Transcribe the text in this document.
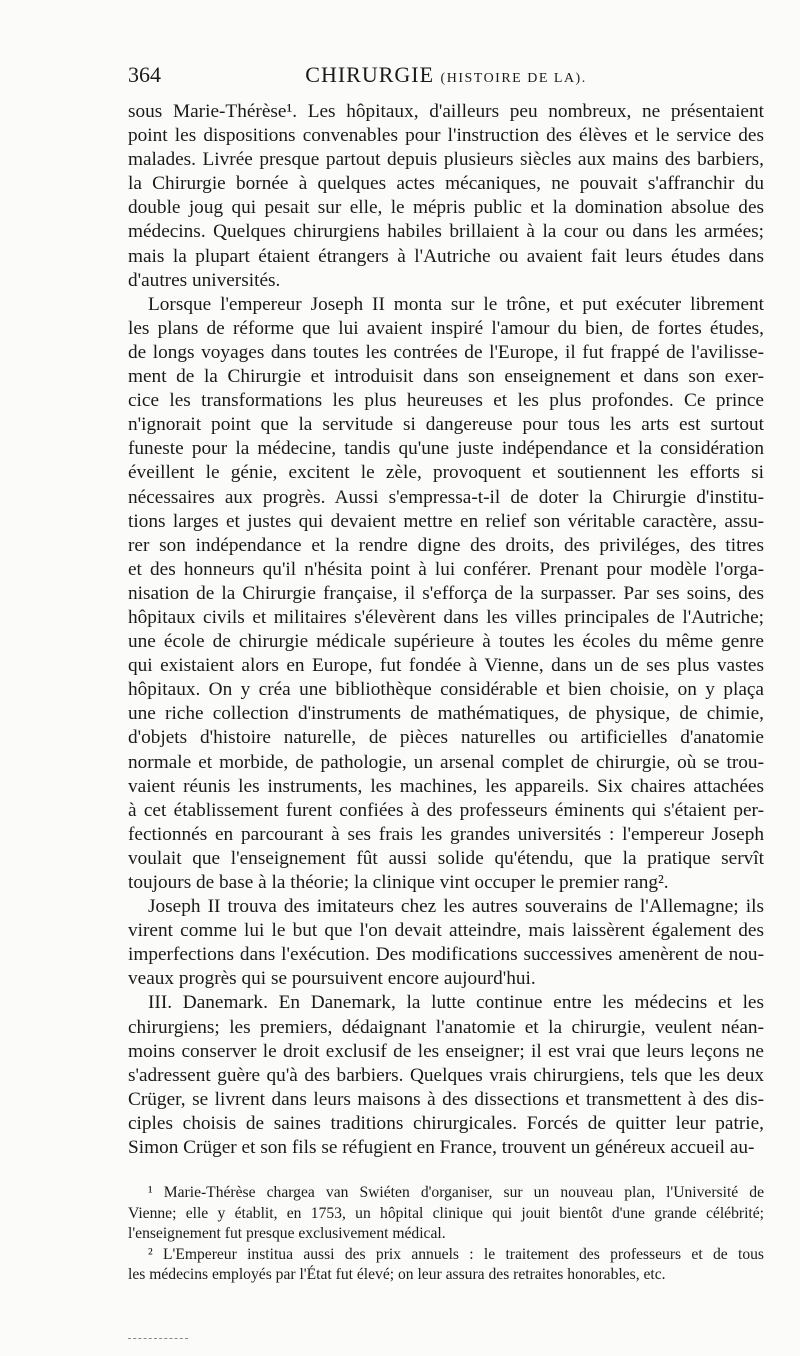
364	CHIRURGIE (HISTOIRE DE LA).
sous Marie-Thérèse¹. Les hôpitaux, d'ailleurs peu nombreux, ne présentaient
point les dispositions convenables pour l'instruction des élèves et le service des
malades. Livrée presque partout depuis plusieurs siècles aux mains des barbiers,
la Chirurgie bornée à quelques actes mécaniques, ne pouvait s'affranchir du
double joug qui pesait sur elle, le mépris public et la domination absolue des
médecins. Quelques chirurgiens habiles brillaient à la cour ou dans les armées;
mais la plupart étaient étrangers à l'Autriche ou avaient fait leurs études dans
d'autres universités.
Lorsque l'empereur Joseph II monta sur le trône, et put exécuter librement
les plans de réforme que lui avaient inspiré l'amour du bien, de fortes études,
de longs voyages dans toutes les contrées de l'Europe, il fut frappé de l'avilisse-
ment de la Chirurgie et introduisit dans son enseignement et dans son exer-
cice les transformations les plus heureuses et les plus profondes. Ce prince
n'ignorait point que la servitude si dangereuse pour tous les arts est surtout
funeste pour la médecine, tandis qu'une juste indépendance et la considération
éveillent le génie, excitent le zèle, provoquent et soutiennent les efforts si
nécessaires aux progrès. Aussi s'empressa-t-il de doter la Chirurgie d'institu-
tions larges et justes qui devaient mettre en relief son véritable caractère, assu-
rer son indépendance et la rendre digne des droits, des priviléges, des titres
et des honneurs qu'il n'hésita point à lui conférer. Prenant pour modèle l'orga-
nisation de la Chirurgie française, il s'efforça de la surpasser. Par ses soins, des
hôpitaux civils et militaires s'élevèrent dans les villes principales de l'Autriche;
une école de chirurgie médicale supérieure à toutes les écoles du même genre
qui existaient alors en Europe, fut fondée à Vienne, dans un de ses plus vastes
hôpitaux. On y créa une bibliothèque considérable et bien choisie, on y plaça
une riche collection d'instruments de mathématiques, de physique, de chimie,
d'objets d'histoire naturelle, de pièces naturelles ou artificielles d'anatomie
normale et morbide, de pathologie, un arsenal complet de chirurgie, où se trou-
vaient réunis les instruments, les machines, les appareils. Six chaires attachées
à cet établissement furent confiées à des professeurs éminents qui s'étaient per-
fectionnés en parcourant à ses frais les grandes universités : l'empereur Joseph
voulait que l'enseignement fût aussi solide qu'étendu, que la pratique servît
toujours de base à la théorie; la clinique vint occuper le premier rang².
Joseph II trouva des imitateurs chez les autres souverains de l'Allemagne; ils
virent comme lui le but que l'on devait atteindre, mais laissèrent également des
imperfections dans l'exécution. Des modifications successives amenèrent de nou-
veaux progrès qui se poursuivent encore aujourd'hui.
III. Danemark. En Danemark, la lutte continue entre les médecins et les
chirurgiens; les premiers, dédaignant l'anatomie et la chirurgie, veulent néan-
moins conserver le droit exclusif de les enseigner; il est vrai que leurs leçons ne
s'adressent guère qu'à des barbiers. Quelques vrais chirurgiens, tels que les deux
Crüger, se livrent dans leurs maisons à des dissections et transmettent à des dis-
ciples choisis de saines traditions chirurgicales. Forcés de quitter leur patrie,
Simon Crüger et son fils se réfugient en France, trouvent un généreux accueil au-
¹ Marie-Thérèse chargea van Swiéten d'organiser, sur un nouveau plan, l'Université de
Vienne; elle y établit, en 1753, un hôpital clinique qui jouit bientôt d'une grande célébrité;
l'enseignement fut presque exclusivement médical.
² L'Empereur institua aussi des prix annuels : le traitement des professeurs et de tous
les médecins employés par l'État fut élevé; on leur assura des retraites honorables, etc.
